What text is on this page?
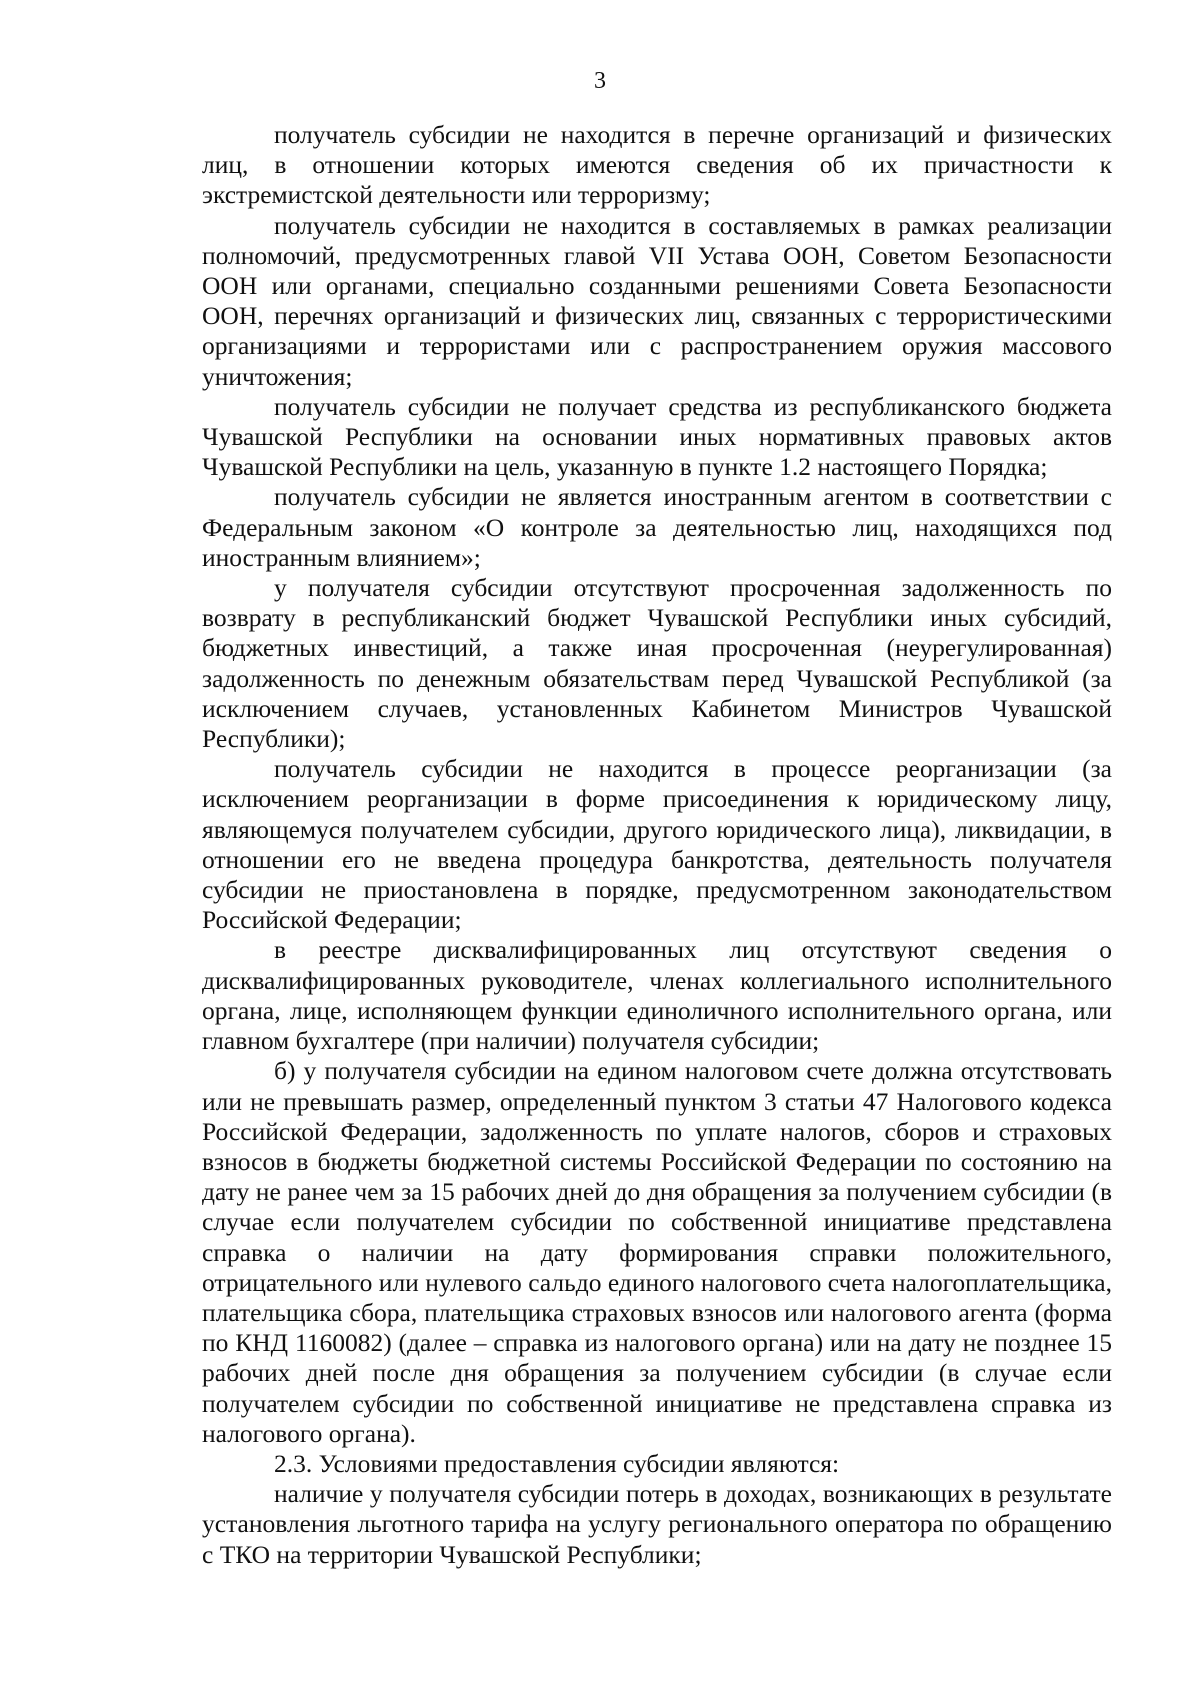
3

получатель субсидии не находится в перечне организаций и физических лиц, в отношении которых имеются сведения об их причастности к экстремистской деятельности или терроризму;

получатель субсидии не находится в составляемых в рамках реализации полномочий, предусмотренных главой VII Устава ООН, Советом Безопасности ООН или органами, специально созданными решениями Совета Безопасности ООН, перечнях организаций и физических лиц, связанных с террористическими организациями и террористами или с распространением оружия массового уничтожения;

получатель субсидии не получает средства из республиканского бюджета Чувашской Республики на основании иных нормативных правовых актов Чувашской Республики на цель, указанную в пункте 1.2 настоящего Порядка;

получатель субсидии не является иностранным агентом в соответствии с Федеральным законом «О контроле за деятельностью лиц, находящихся под иностранным влиянием»;

у получателя субсидии отсутствуют просроченная задолженность по возврату в республиканский бюджет Чувашской Республики иных субсидий, бюджетных инвестиций, а также иная просроченная (неурегулированная) задолженность по денежным обязательствам перед Чувашской Республикой (за исключением случаев, установленных Кабинетом Министров Чувашской Республики);

получатель субсидии не находится в процессе реорганизации (за исключением реорганизации в форме присоединения к юридическому лицу, являющемуся получателем субсидии, другого юридического лица), ликвидации, в отношении его не введена процедура банкротства, деятельность получателя субсидии не приостановлена в порядке, предусмотренном законодательством Российской Федерации;

в реестре дисквалифицированных лиц отсутствуют сведения о дисквалифицированных руководителе, членах коллегиального исполнительного органа, лице, исполняющем функции единоличного исполнительного органа, или главном бухгалтере (при наличии) получателя субсидии;

б) у получателя субсидии на едином налоговом счете должна отсутствовать или не превышать размер, определенный пунктом 3 статьи 47 Налогового кодекса Российской Федерации, задолженность по уплате налогов, сборов и страховых взносов в бюджеты бюджетной системы Российской Федерации по состоянию на дату не ранее чем за 15 рабочих дней до дня обращения за получением субсидии (в случае если получателем субсидии по собственной инициативе представлена справка о наличии на дату формирования справки положительного, отрицательного или нулевого сальдо единого налогового счета налогоплательщика, плательщика сбора, плательщика страховых взносов или налогового агента (форма по КНД 1160082) (далее – справка из налогового органа) или на дату не позднее 15 рабочих дней после дня обращения за получением субсидии (в случае если получателем субсидии по собственной инициативе не представлена справка из налогового органа).

2.3. Условиями предоставления субсидии являются:

наличие у получателя субсидии потерь в доходах, возникающих в результате установления льготного тарифа на услугу регионального оператора по обращению с ТКО на территории Чувашской Республики;
